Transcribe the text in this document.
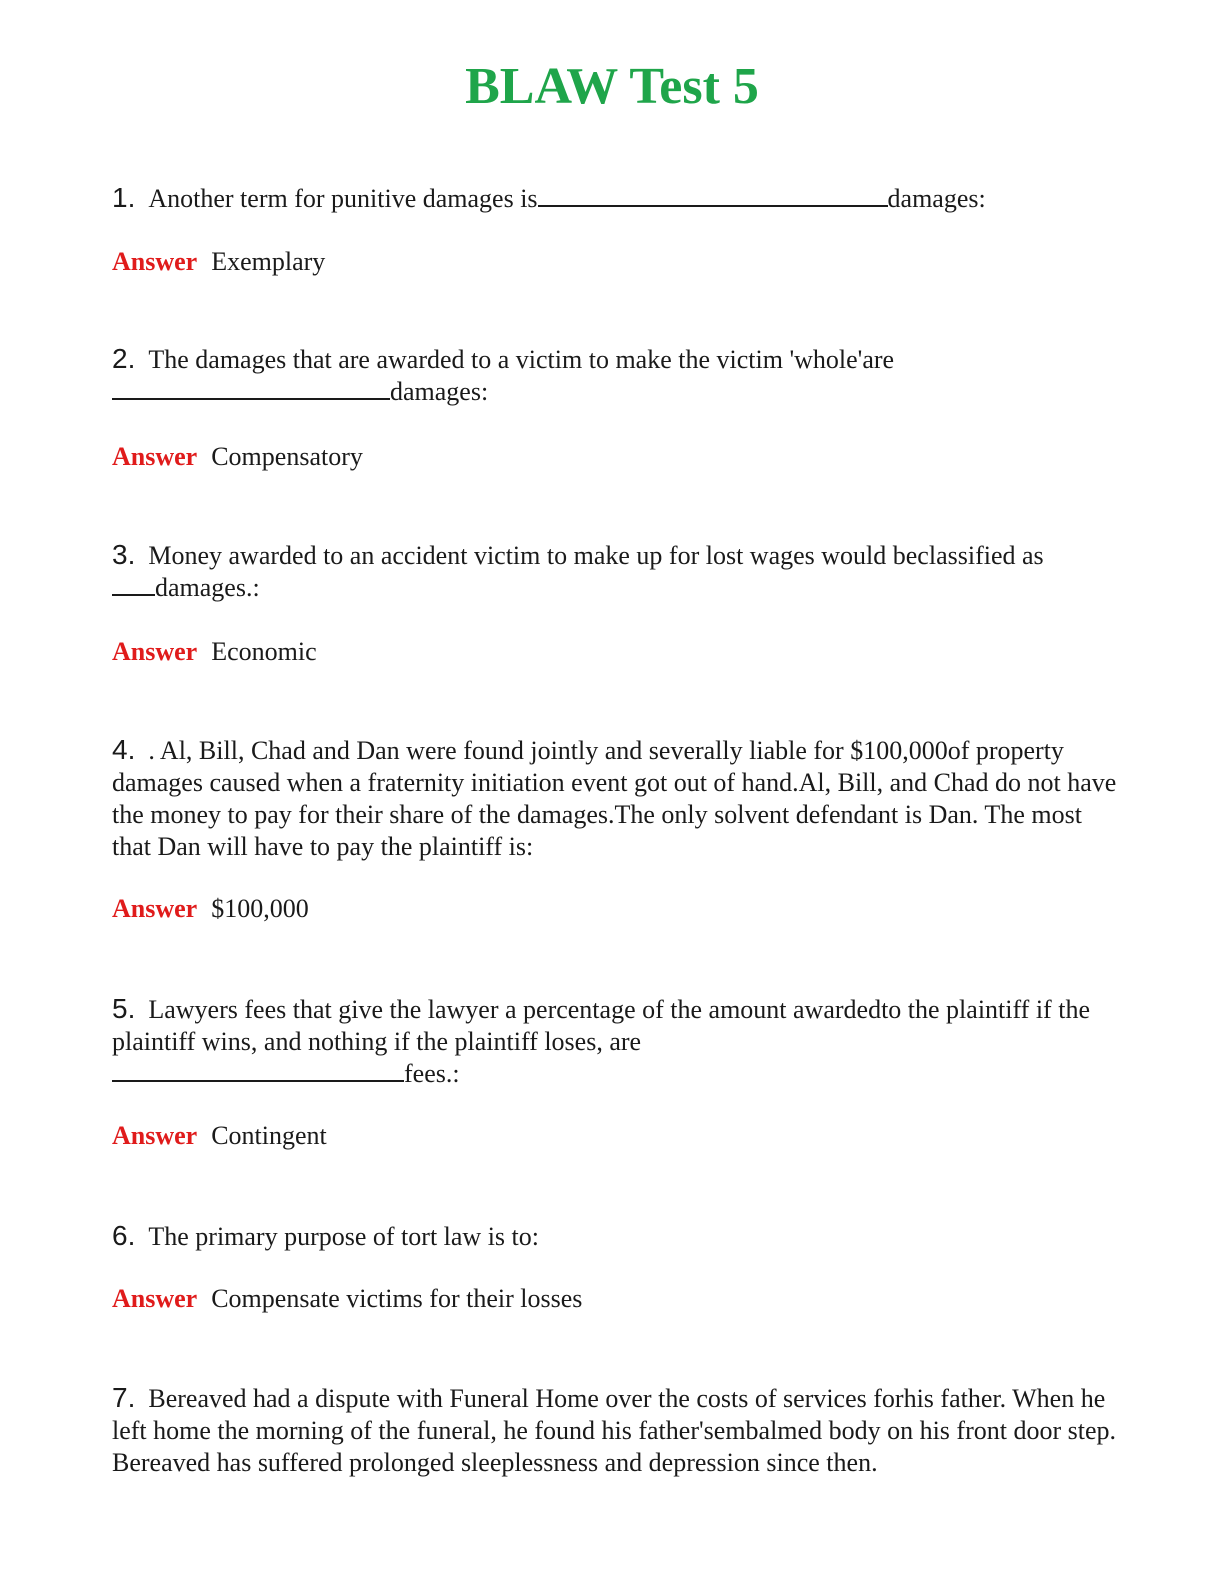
BLAW Test 5

1. Another term for punitive damages is	damages:

Answer Exemplary

2. The damages that are awarded to a victim to make the victim 'whole'are
damages:

Answer Compensatory

3. Money awarded to an accident victim to make up for lost wages would beclassified as
damages.:

Answer Economic

4. . Al, Bill, Chad and Dan were found jointly and severally liable for $100,000of property damages caused when a fraternity initiation event got out of hand.Al, Bill, and Chad do not have the money to pay for their share of the damages.The only solvent defendant is Dan. The most that Dan will have to pay the plaintiff is:

Answer $100,000

5. Lawyers fees that give the lawyer a percentage of the amount awardedto the plaintiff if the plaintiff wins, and nothing if the plaintiff loses, are
fees.:

Answer Contingent

6. The primary purpose of tort law is to:

Answer Compensate victims for their losses

7. Bereaved had a dispute with Funeral Home over the costs of services forhis father. When he left home the morning of the funeral, he found his father'sembalmed body on his front door step. Bereaved has suffered prolonged sleeplessness and depression since then.
